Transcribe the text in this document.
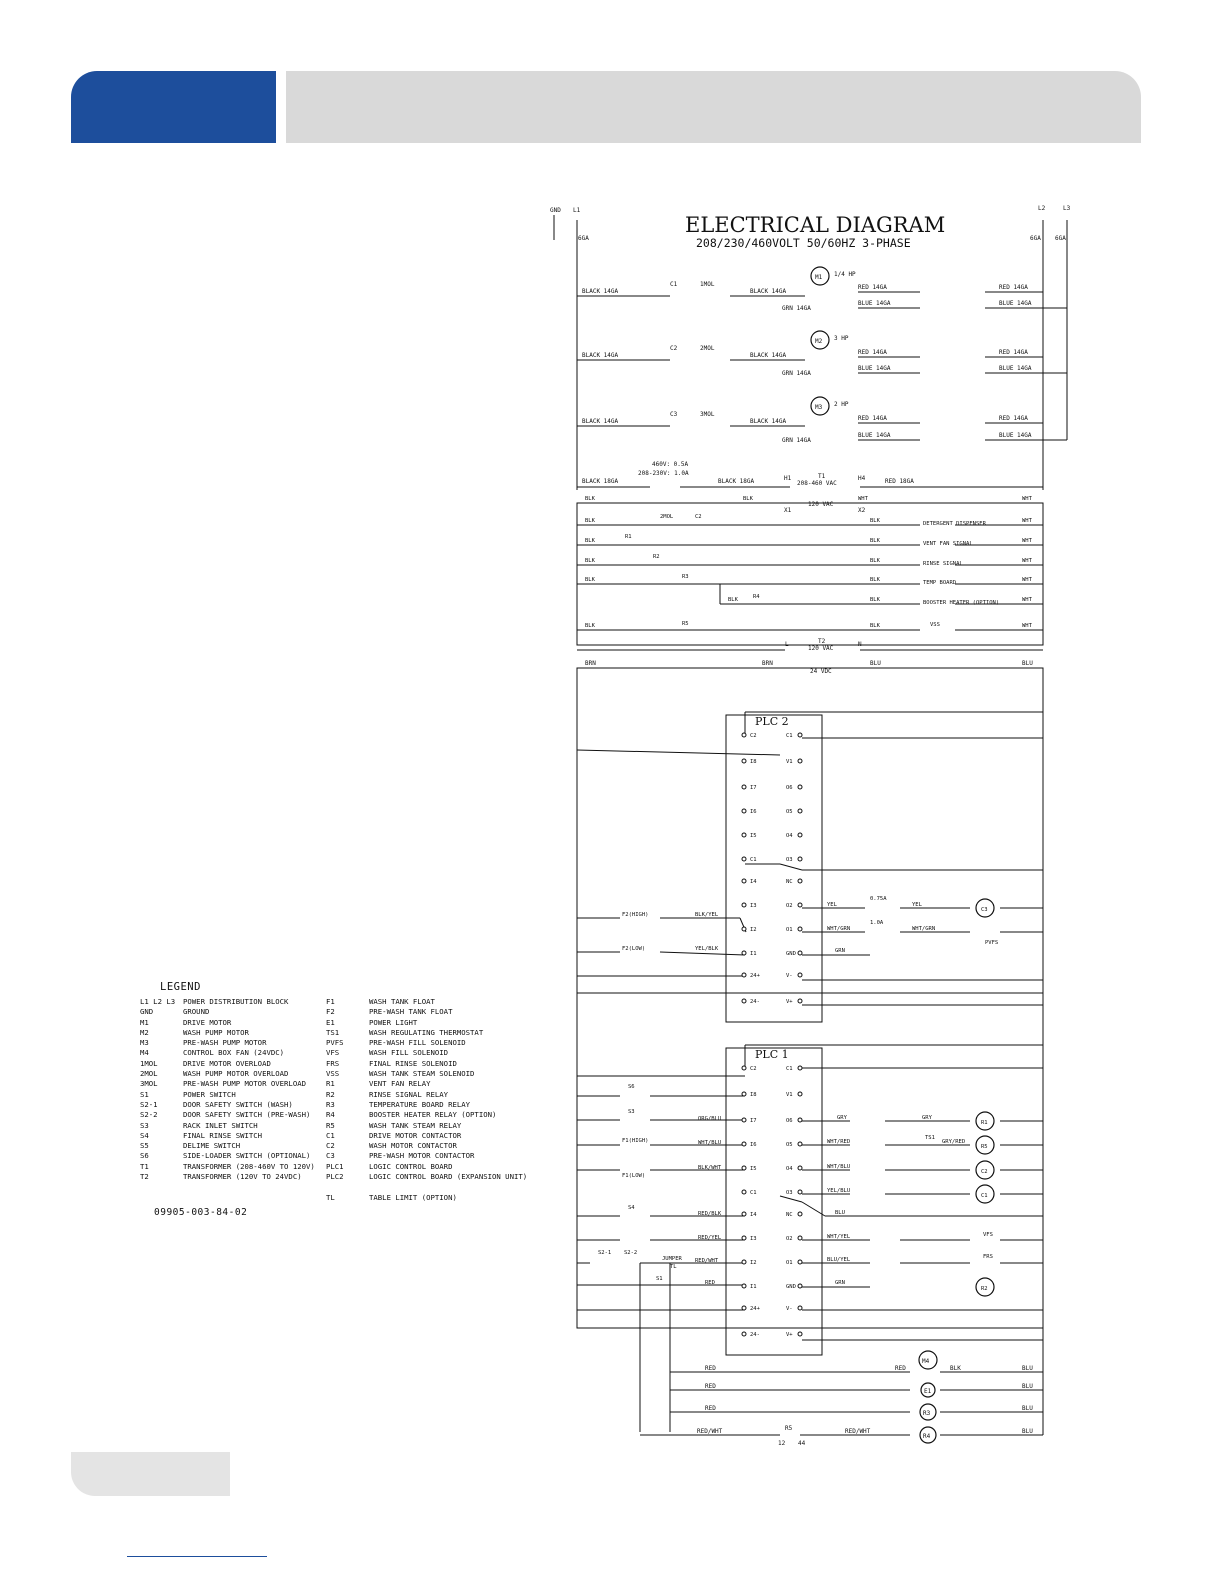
ELECTRICAL DIAGRAM
208/230/460VOLT 50/60HZ 3-PHASE
GND L1	L2	L3
6GA	6GA 6GA
M1 1/4 HP
M2 3 HP
M3 2 HP
C1	1MOL
C2	2MOL
C3	3MOL
BLACK 14GA	BLACK 14GA
RED 14GA
BLUE 14GA
GRN 14GA
RED 14GA
BLUE 14GA
BLACK 14GA	BLACK 14GA	RED 14GA
BLUE 14GA
GRN 14GA
RED 14GA
BLUE 14GA
BLACK 14GA	BLACK 14GA	RED 14GA
BLUE 14GA
GRN 14GA
RED 14GA
BLUE 14GA
T1
460V: 0.5A
208-230V: 1.0A
208-460 VAC
120 VAC
BLACK 18GA	BLACK 18GA	RED 18GA
H1	H4
X1	X2
BLK	BLK	WHT	WHT
DETERGENT DISPENSER
VENT FAN SIGNAL
RINSE SIGNAL
TEMP BOARD
BOOSTER HEATER (OPTION)
VSS
2MOL	C2
R1
R2
R3
R4
R5
BLK	BLK	WHT
BLK	BLK	WHT
BLK	BLK	WHT
BLK	BLK	WHT
BLK	BLK	WHT
BLK	BLK	WHT
T2
120 VAC
24 VDC
L	N
BRN	BRN	BLU	BLU
PLC 2
C2
I8
I7
I6
I5
C1
I4
I3
I2
I1
24+
24-
C1
V1
O6
O5
O4
O3
NC
O2
O1
GND
V-
V+
PLC 1
C2
I8
I7
I6
I5
C1
I4
I3
I2
I1
24+
24-
C1
V1
O6
O5
O4
O3
NC
O2
O1
GND
V-
V+
F2(HIGH)
F2(LOW)
BLK/YEL
YEL/BLK
YEL	YEL
WHT/GRN	WHT/GRN
0.75A
1.0A
GRN
C3
PVFS
S6
S3
F1(HIGH)
F1(LOW)
S4
S2-1 S2-2
S1
JUMPER
TL
ORG/BLU
WHT/BLU
BLK/WHT
RED/BLK
RED/YEL
RED/WHT
RED
GRY	GRY
WHT/RED	GRY/RED
TS1
WHT/BLU
YEL/BLU
BLU
WHT/YEL
BLU/YEL
GRN
VFS
FRS
R1
R5
C2
C1
R2
M4
E1
R3
R4
R5
12 44
RED	RED	BLK
RED
RED
RED/WHT	RED/WHT
BLU
BLU
BLU
BLU
LEGEND
L1 L2 L3 POWER DISTRIBUTION BLOCK
GND	GROUND
M1	DRIVE MOTOR
M2	WASH PUMP MOTOR
M3	PRE-WASH PUMP MOTOR
M4	CONTROL BOX FAN (24VDC)
1MOL	DRIVE MOTOR OVERLOAD
2MOL	WASH PUMP MOTOR OVERLOAD
3MOL	PRE-WASH PUMP MOTOR OVERLOAD
S1	POWER SWITCH
S2-1	DOOR SAFETY SWITCH (WASH)
S2-2	DOOR SAFETY SWITCH (PRE-WASH)
S3	RACK INLET SWITCH
S4	FINAL RINSE SWITCH
S5	DELIME SWITCH
S6	SIDE-LOADER SWITCH (OPTIONAL)
T1	TRANSFORMER (208-460V TO 120V)
T2	TRANSFORMER (120V TO 24VDC)
F1	WASH TANK FLOAT
F2	PRE-WASH TANK FLOAT
E1	POWER LIGHT
TS1	WASH REGULATING THERMOSTAT
PVFS	PRE-WASH FILL SOLENOID
VFS	WASH FILL SOLENOID
FRS	FINAL RINSE SOLENOID
VSS	WASH TANK STEAM SOLENOID
R1	VENT FAN RELAY
R2	RINSE SIGNAL RELAY
R3	TEMPERATURE BOARD RELAY
R4	BOOSTER HEATER RELAY (OPTION)
R5	WASH TANK STEAM RELAY
C1	DRIVE MOTOR CONTACTOR
C2	WASH MOTOR CONTACTOR
C3	PRE-WASH MOTOR CONTACTOR
PLC1	LOGIC CONTROL BOARD
PLC2	LOGIC CONTROL BOARD (EXPANSION UNIT)
TL	TABLE LIMIT (OPTION)
09905-003-84-02
